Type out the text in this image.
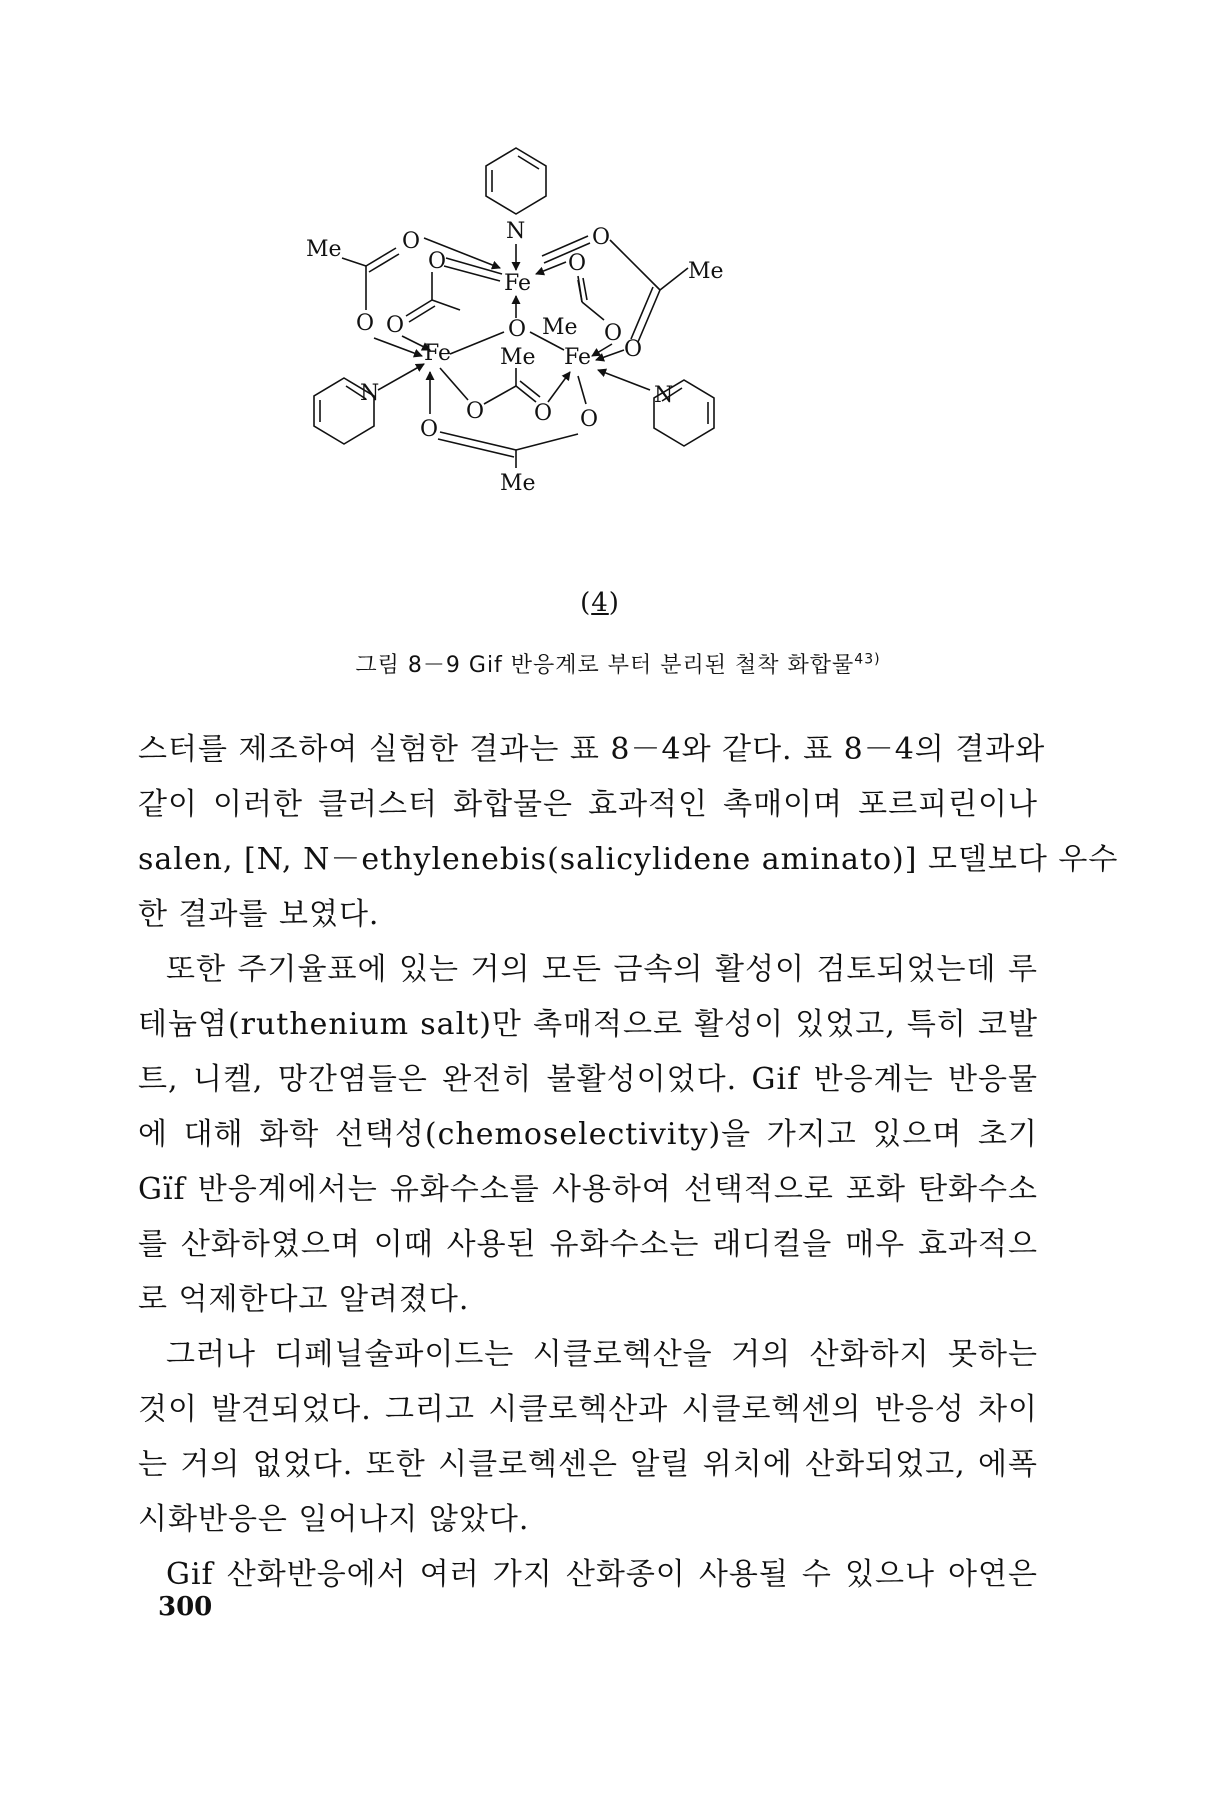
N
Fe
Me	O
O
O
O
O
Me
O
O
O Me
O
Fe Me Fe
N	N
O O
O	O
Me
(4)
그림 8－9 Gif 반응계로 부터 분리된 철착 화합물$^{43)}$
스터를 제조하여 실험한 결과는 표 8－4와 같다. 표 8－4의 결과와
같이 이러한 클러스터 화합물은 효과적인 촉매이며 포르피린이나
salen, [N, N－ethylenebis(salicylidene aminato)] 모델보다 우수
한 결과를 보였다.
또한 주기율표에 있는 거의 모든 금속의 활성이 검토되었는데 루
테늄염(ruthenium salt)만 촉매적으로 활성이 있었고, 특히 코발
트, 니켈, 망간염들은 완전히 불활성이었다. Gif 반응계는 반응물
에 대해 화학 선택성(chemoselectivity)을 가지고 있으며 초기
Gïf 반응계에서는 유화수소를 사용하여 선택적으로 포화 탄화수소
를 산화하였으며 이때 사용된 유화수소는 래디컬을 매우 효과적으
로 억제한다고 알려졌다.
그러나 디페닐술파이드는 시클로헥산을 거의 산화하지 못하는
것이 발견되었다. 그리고 시클로헥산과 시클로헥센의 반응성 차이
는 거의 없었다. 또한 시클로헥센은 알릴 위치에 산화되었고, 에폭
시화반응은 일어나지 않았다.
Gif 산화반응에서 여러 가지 산화종이 사용될 수 있으나 아연은
300
